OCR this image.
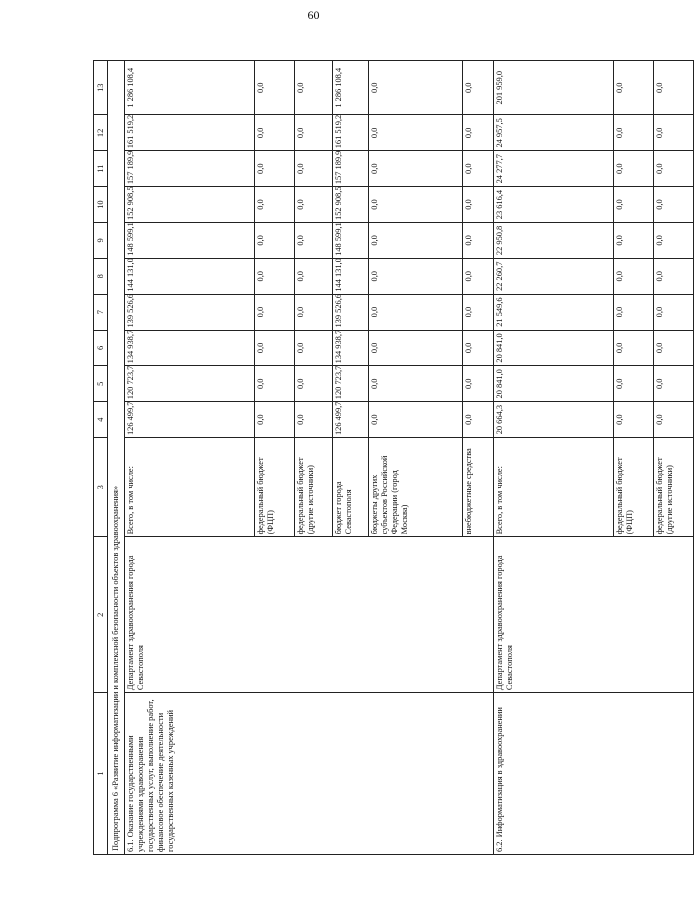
60
1	2	3	4	5	6	7	8	9	10	11	12	13
Подпрограмма 6 «Развитие информатизации и комплексной безопасности объектов здравоохранения»												
6.1. Оказание государственными учреждениями здравоохранения государственных услуг, выполнение работ, финансовое обеспечение деятельности государственных казенных учреждений	Департамент здравоохранения города Севастополя	Всего, в том числе:	126 499,7	120 723,7	134 938,7	139 526,6	144 131,0	148 599,1	152 908,5	157 189,9	161 519,2	1 286 108,4
		федеральный бюджет (ФЦП)	0,0	0,0	0,0	0,0	0,0	0,0	0,0	0,0	0,0	0,0
		федеральный бюджет (другие источники)	0,0	0,0	0,0	0,0	0,0	0,0	0,0	0,0	0,0	0,0
		бюджет города Севастополя	126 499,7	120 723,7	134 938,7	139 526,6	144 131,0	148 599,1	152 908,5	157 189,9	161 519,2	1 286 108,4
		бюджеты других субъектов Российской Федерации (город Москва)	0,0	0,0	0,0	0,0	0,0	0,0	0,0	0,0	0,0	0,0
		внебюджетные средства	0,0	0,0	0,0	0,0	0,0	0,0	0,0	0,0	0,0	0,0
6.2. Информатизация в здравоохранении	Департамент здравоохранения города Севастополя	Всего, в том числе:	20 664,3	20 841,0	20 841,0	21 549,6	22 260,7	22 950,8	23 616,4	24 277,7	24 957,5	201 959,0
		федеральный бюджет (ФЦП)	0,0	0,0	0,0	0,0	0,0	0,0	0,0	0,0	0,0	0,0
		федеральный бюджет (другие источники)	0,0	0,0	0,0	0,0	0,0	0,0	0,0	0,0	0,0	0,0
